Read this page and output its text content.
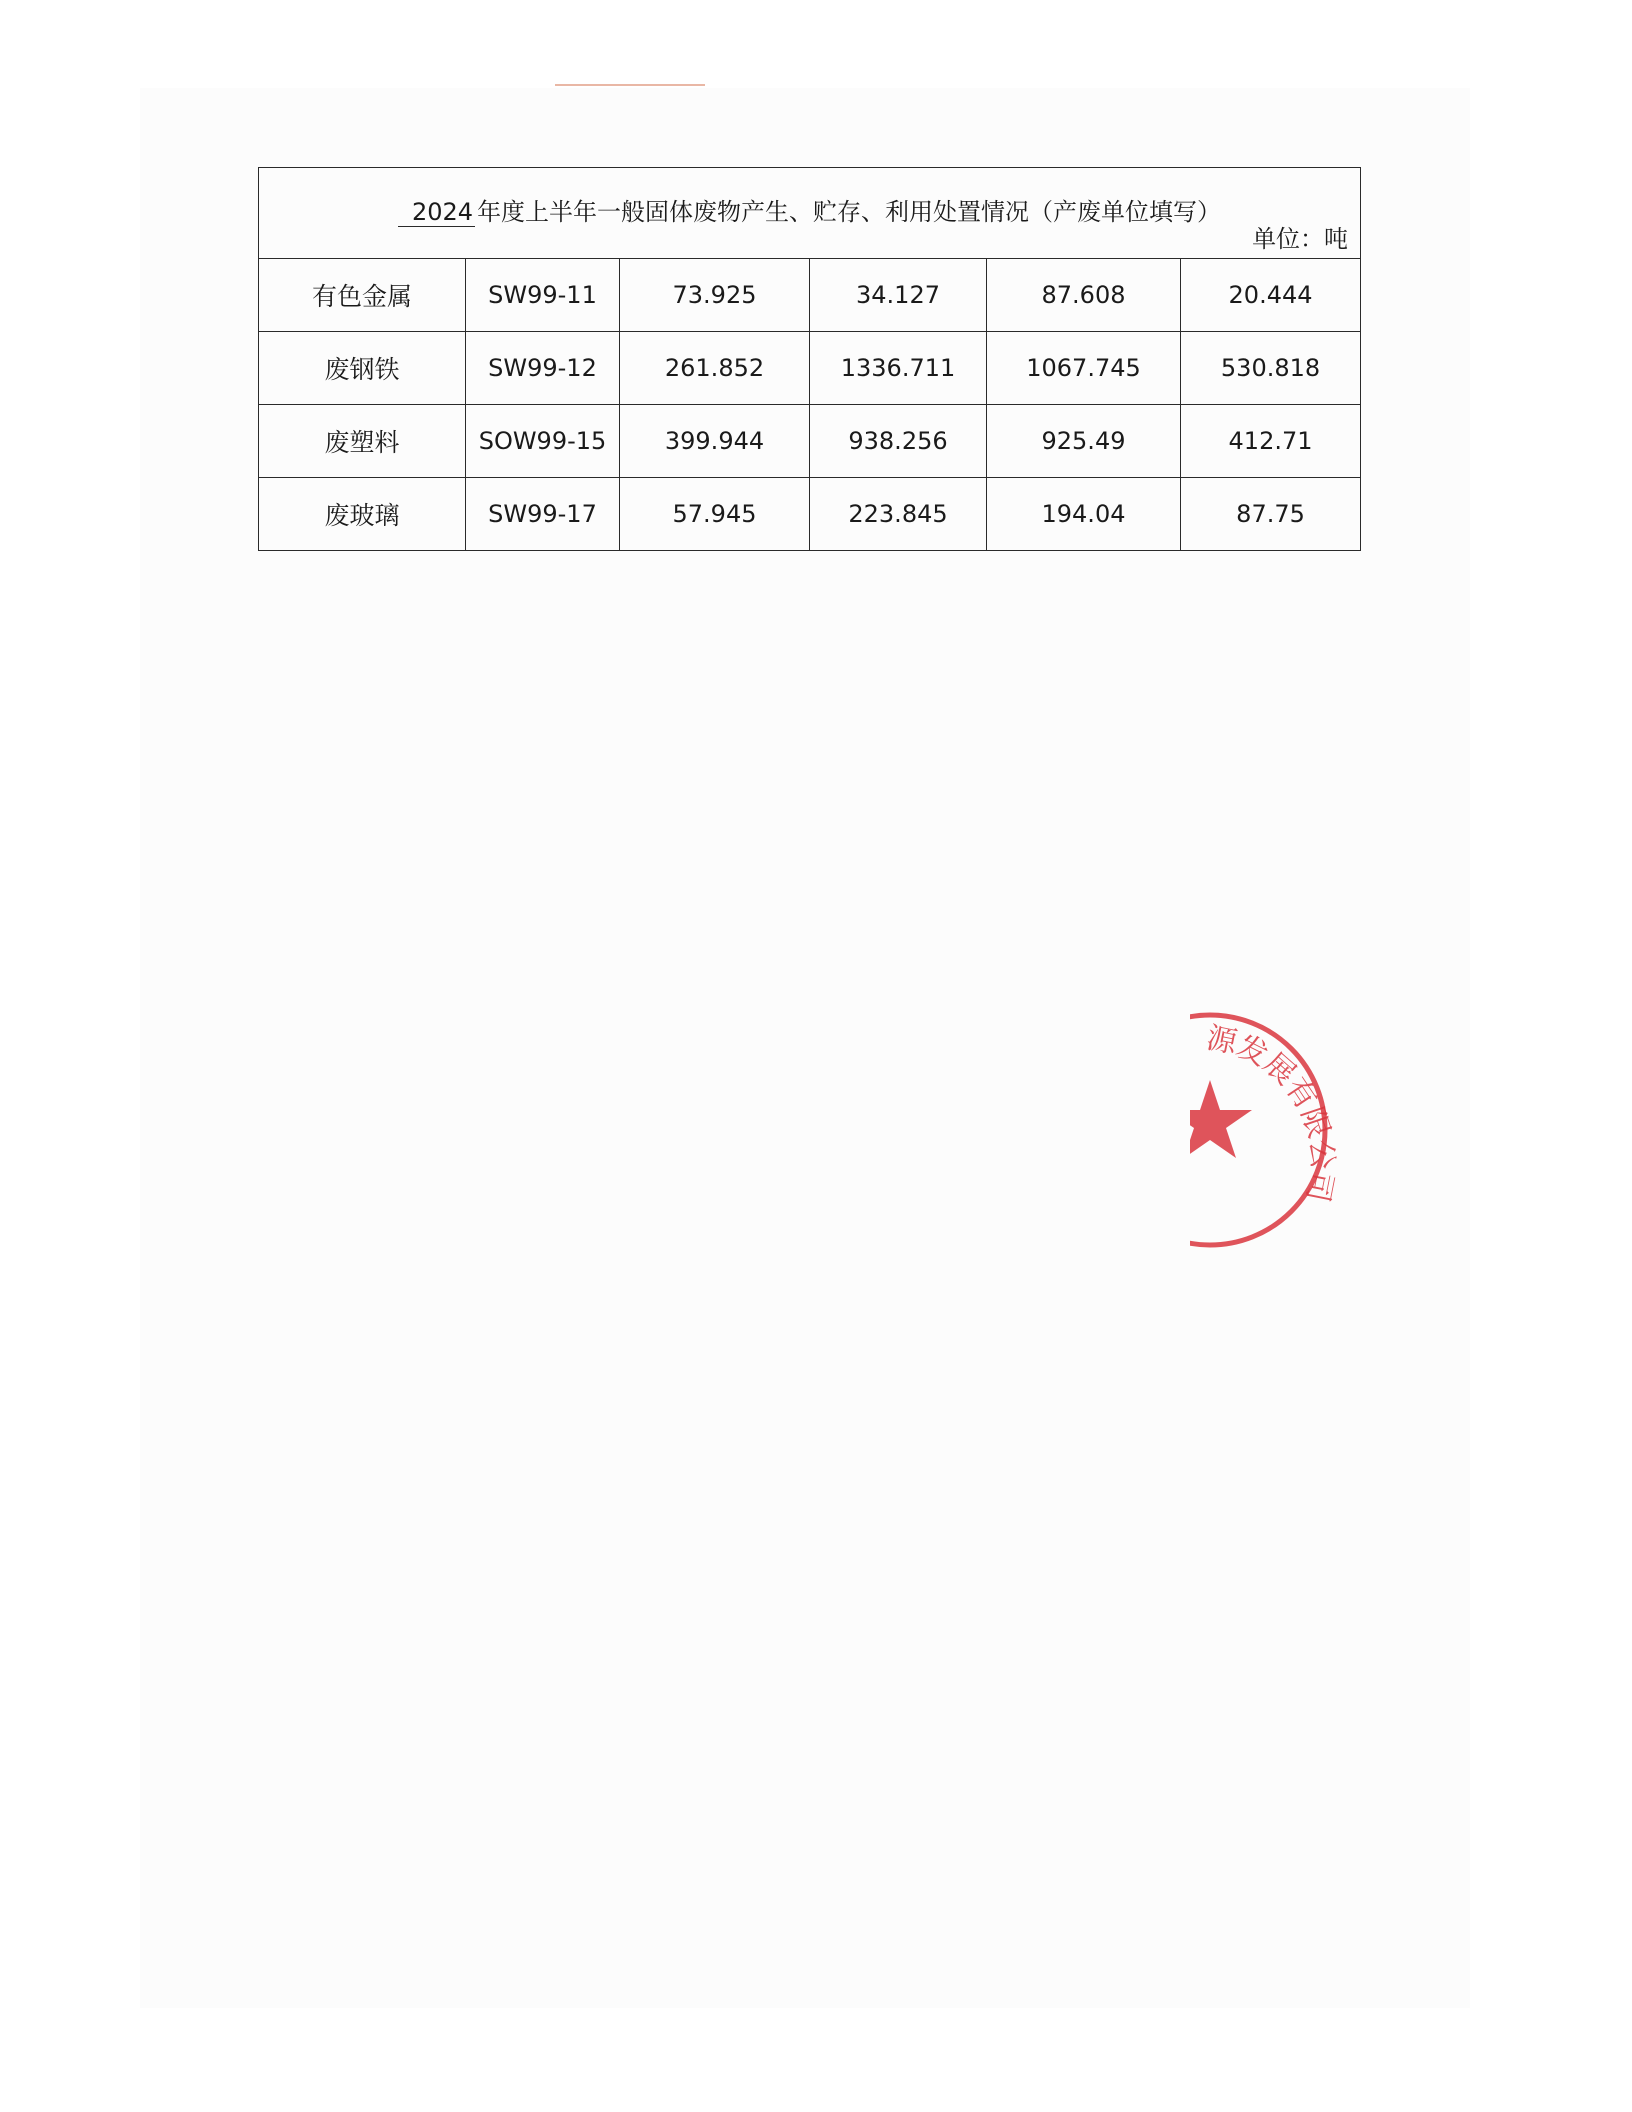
2024 年度上半年一般固体废物产生、贮存、利用处置情况（产废单位填写）
单位：吨					

有色金属	SW99-11	73.925	34.127	87.608	20.444
废钢铁	SW99-12	261.852	1336.711	1067.745	530.818
废塑料	SOW99-15	399.944	938.256	925.49	412.71
废玻璃	SW99-17	57.945	223.845	194.04	87.75
源发展有限公司
